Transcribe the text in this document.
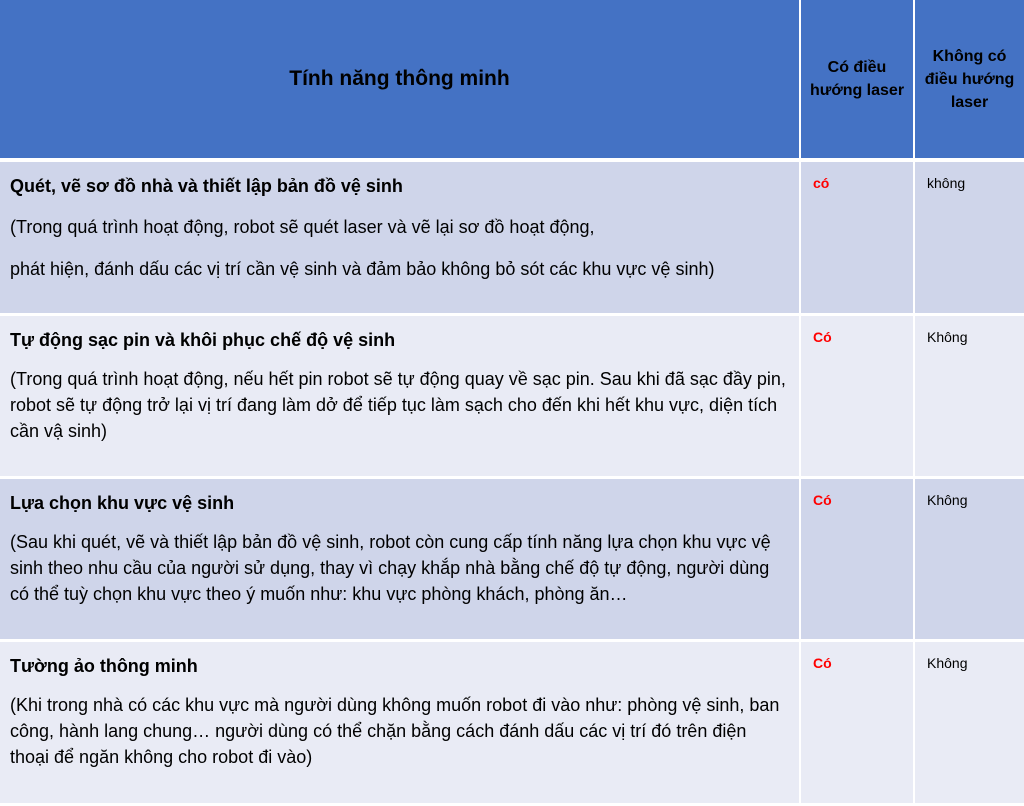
Tính năng thông minh	Có điều hướng laser	Không có điều hướng laser

Quét, vẽ sơ đồ nhà và thiết lập bản đồ vệ sinh

(Trong quá trình hoạt động, robot sẽ quét laser và vẽ lại sơ đồ hoạt động,
phát hiện, đánh dấu các vị trí cần vệ sinh và đảm bảo không bỏ sót các khu vực vệ sinh)	có	không

Tự động sạc pin và khôi phục chế độ vệ sinh

(Trong quá trình hoạt động, nếu hết pin robot sẽ tự động quay về sạc pin. Sau khi đã sạc đầy pin, robot sẽ tự động trở lại vị trí đang làm dở để tiếp tục làm sạch cho đến khi hết khu vực, diện tích cần vậ sinh)	Có	Không

Lựa chọn khu vực vệ sinh

(Sau khi quét, vẽ và thiết lập bản đồ vệ sinh, robot còn cung cấp tính năng lựa chọn khu vực vệ sinh theo nhu cầu của người sử dụng, thay vì chạy khắp nhà bằng chế độ tự động, người dùng có thể tuỳ chọn khu vực theo ý muốn như: khu vực phòng khách, phòng ăn…	Có	Không

Tường ảo thông minh

(Khi trong nhà có các khu vực mà người dùng không muốn robot đi vào như: phòng vệ sinh, ban công, hành lang chung… người dùng có thể chặn bằng cách đánh dấu các vị trí đó trên điện thoại để ngăn không cho robot đi vào)	Có	Không
